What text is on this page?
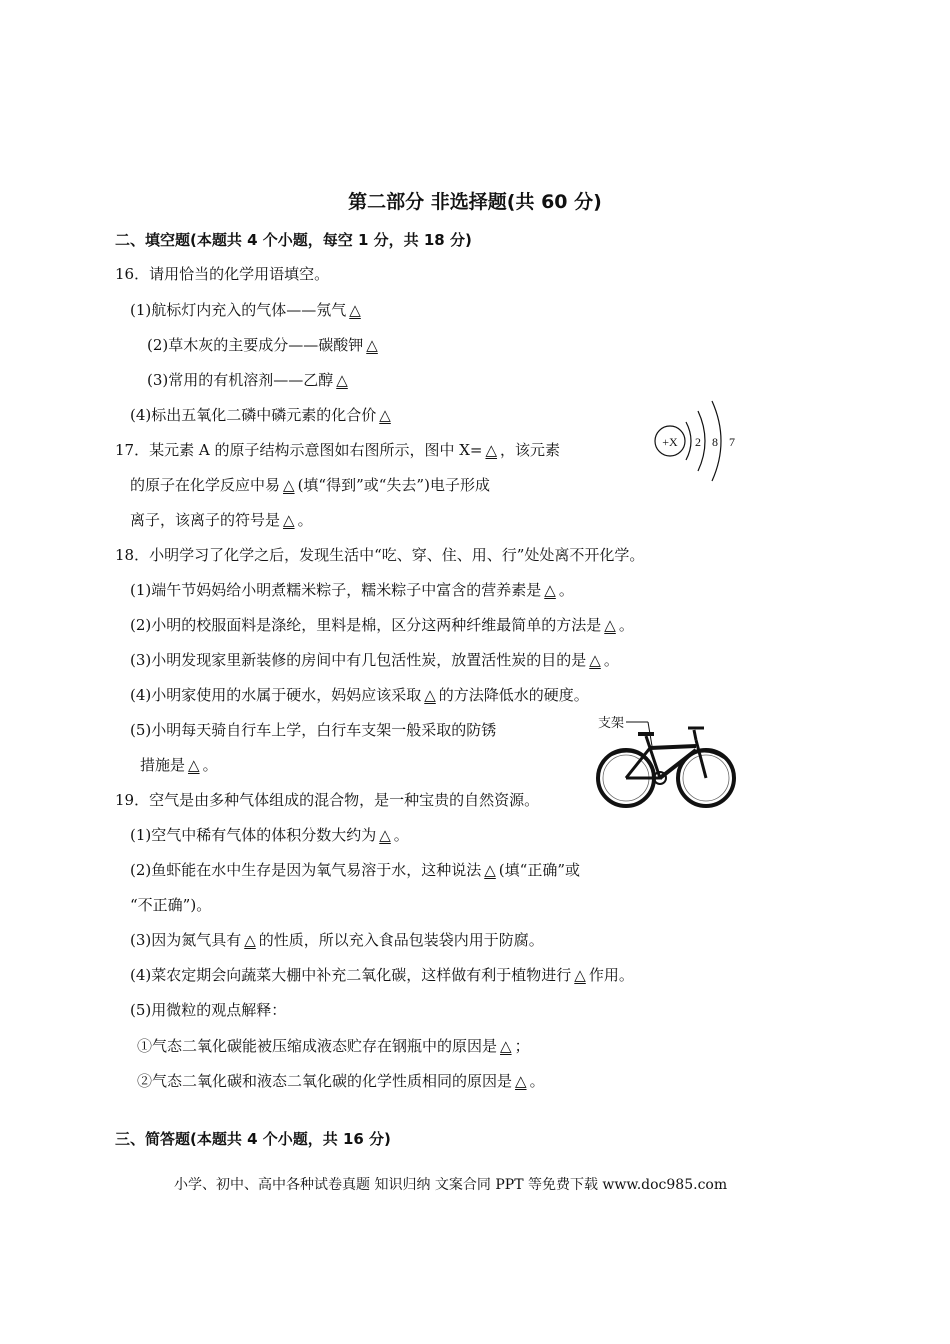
第二部分 非选择题(共 60 分)
二、填空题(本题共 4 个小题，每空 1 分，共 18 分)
16．请用恰当的化学用语填空。
(1)航标灯内充入的气体——氖气 △
(2)草木灰的主要成分——碳酸钾 △
(3)常用的有机溶剂——乙醇 △
(4)标出五氧化二磷中磷元素的化合价 △
17．某元素 A 的原子结构示意图如右图所示，图中 X= △ ，该元素
的原子在化学反应中易 △ (填“得到”或“失去”)电子形成
离子，该离子的符号是 △ 。
+X 2 8 7
18．小明学习了化学之后，发现生活中“吃、穿、住、用、行”处处离不开化学。
(1)端午节妈妈给小明煮糯米粽子，糯米粽子中富含的营养素是 △ 。
(2)小明的校服面料是涤纶，里料是棉，区分这两种纤维最简单的方法是 △ 。
(3)小明发现家里新装修的房间中有几包活性炭，放置活性炭的目的是 △ 。
(4)小明家使用的水属于硬水，妈妈应该采取 △ 的方法降低水的硬度。
(5)小明每天骑自行车上学，白行车支架一般采取的防锈
措施是 △ 。
支架
19．空气是由多种气体组成的混合物，是一种宝贵的自然资源。
(1)空气中稀有气体的体积分数大约为 △ 。
(2)鱼虾能在水中生存是因为氧气易溶于水，这种说法 △ (填“正确”或
“不正确”)。
(3)因为氮气具有 △ 的性质，所以充入食品包装袋内用于防腐。
(4)菜农定期会向蔬菜大棚中补充二氧化碳，这样做有利于植物进行 △ 作用。
(5)用微粒的观点解释：
①气态二氧化碳能被压缩成液态贮存在钢瓶中的原因是 △ ；
②气态二氧化碳和液态二氧化碳的化学性质相同的原因是 △ 。
三、简答题(本题共 4 个小题，共 16 分)
小学、初中、高中各种试卷真题 知识归纳 文案合同 PPT 等免费下载 www.doc985.com
